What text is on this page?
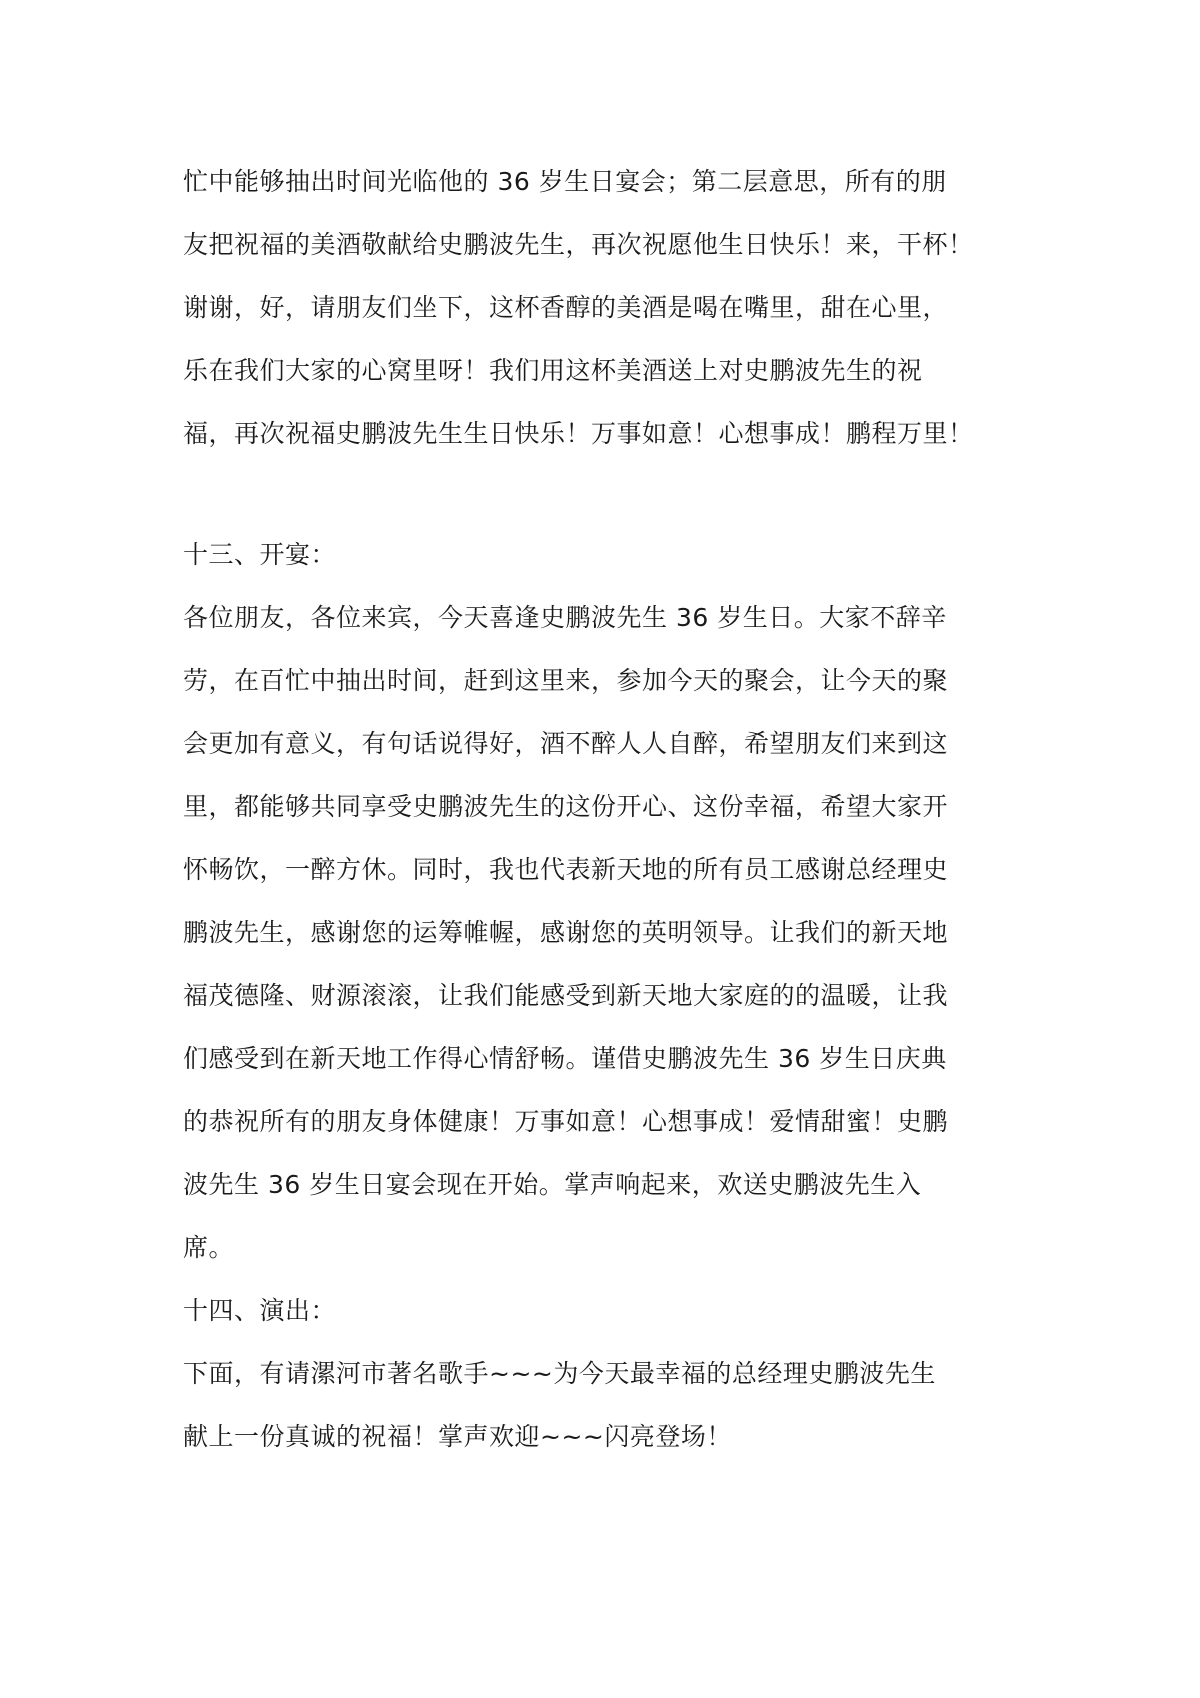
忙中能够抽出时间光临他的 36 岁生日宴会；第二层意思，所有的朋
友把祝福的美酒敬献给史鹏波先生，再次祝愿他生日快乐！来，干杯！
谢谢，好，请朋友们坐下，这杯香醇的美酒是喝在嘴里，甜在心里，
乐在我们大家的心窝里呀！我们用这杯美酒送上对史鹏波先生的祝
福，再次祝福史鹏波先生生日快乐！万事如意！心想事成！鹏程万里！
十三、开宴：
各位朋友，各位来宾，今天喜逢史鹏波先生 36 岁生日。大家不辞辛
劳，在百忙中抽出时间，赶到这里来，参加今天的聚会，让今天的聚
会更加有意义，有句话说得好，酒不醉人人自醉，希望朋友们来到这
里，都能够共同享受史鹏波先生的这份开心、这份幸福，希望大家开
怀畅饮，一醉方休。同时，我也代表新天地的所有员工感谢总经理史
鹏波先生，感谢您的运筹帷幄，感谢您的英明领导。让我们的新天地
福茂德隆、财源滚滚，让我们能感受到新天地大家庭的的温暖，让我
们感受到在新天地工作得心情舒畅。谨借史鹏波先生 36 岁生日庆典
的恭祝所有的朋友身体健康！万事如意！心想事成！爱情甜蜜！史鹏
波先生 36 岁生日宴会现在开始。掌声响起来，欢送史鹏波先生入
席。
十四、演出：
下面，有请漯河市著名歌手~~~为今天最幸福的总经理史鹏波先生
献上一份真诚的祝福！掌声欢迎~~~闪亮登场！
